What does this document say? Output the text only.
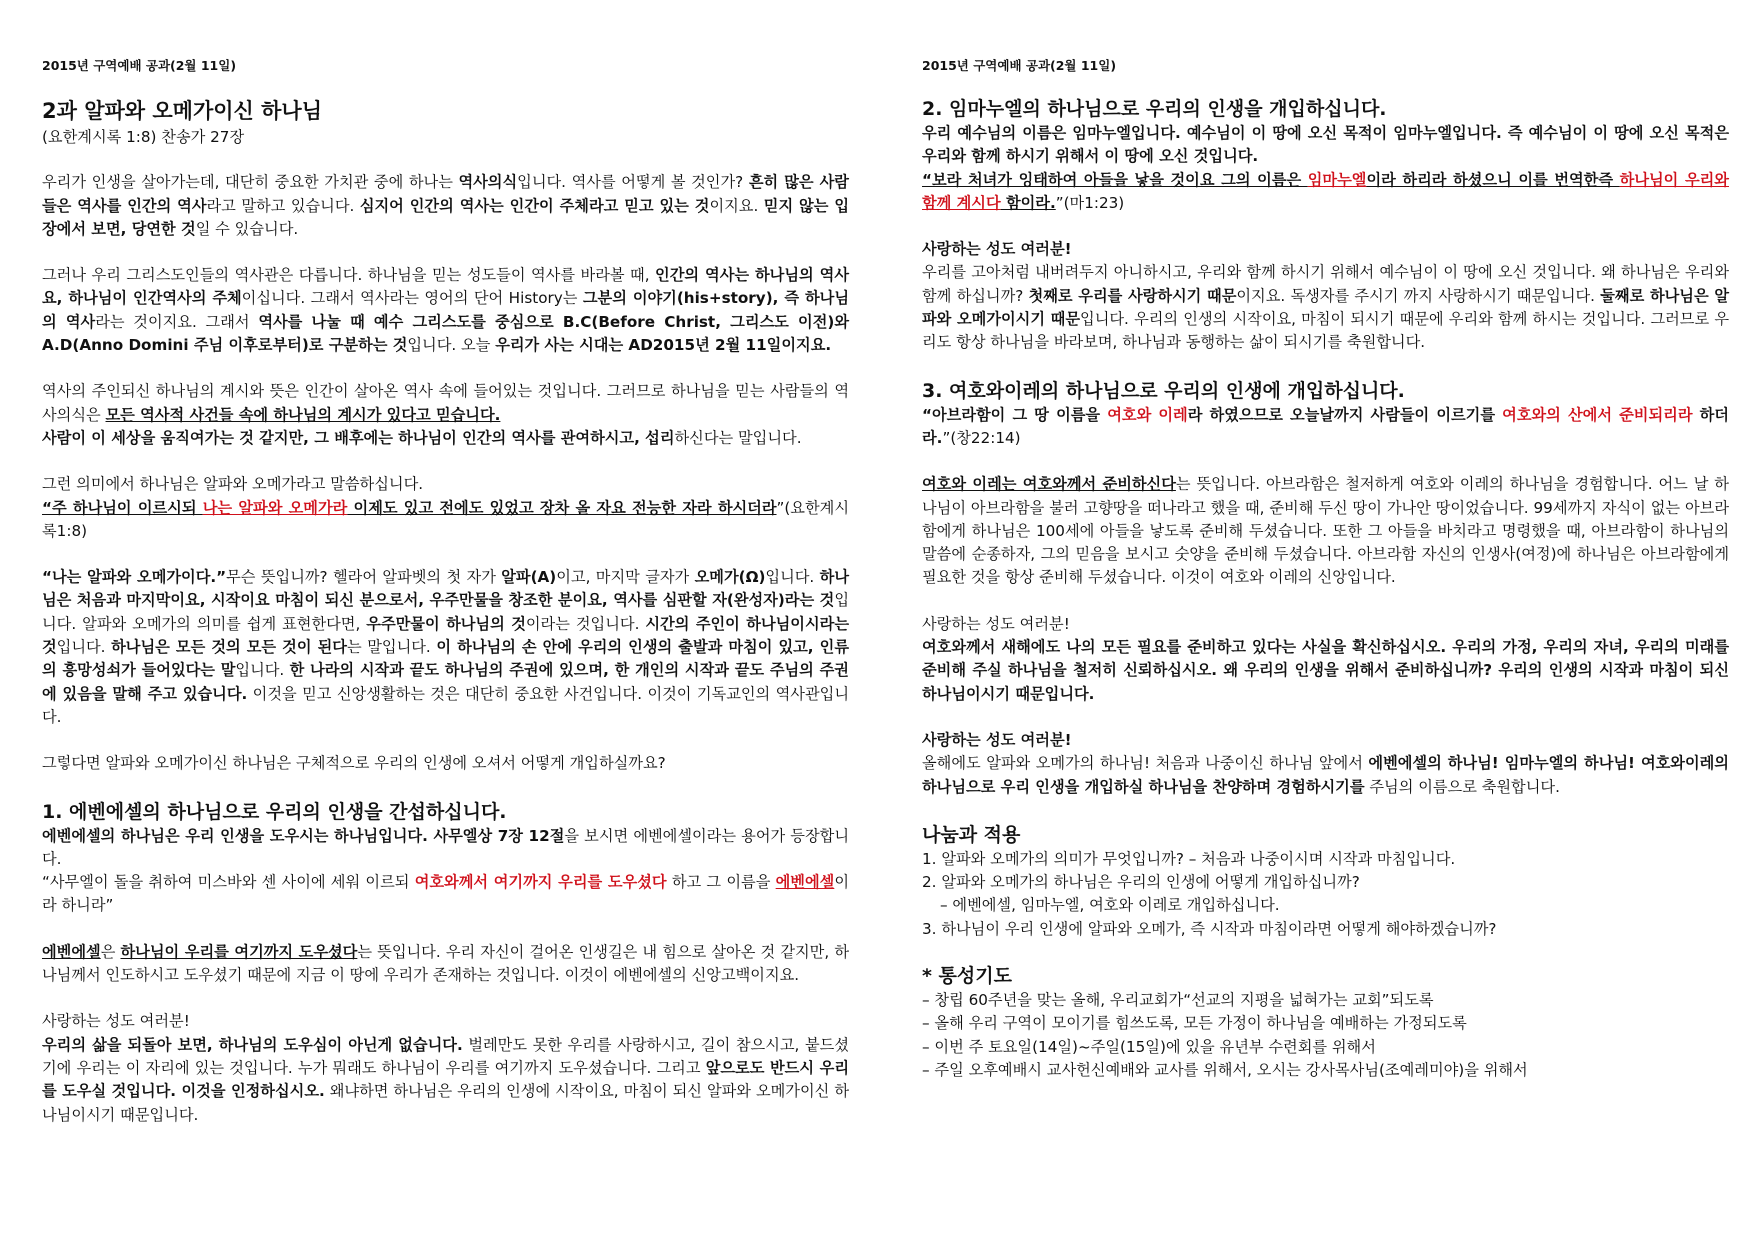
2015년 구역예배 공과(2월 11일)
2과 알파와 오메가이신 하나님
(요한계시록 1:8) 찬송가 27장

우리가 인생을 살아가는데, 대단히 중요한 가치관 중에 하나는 역사의식입니다. 역사를 어떻게 볼 것인가? 흔히 많은 사람들은 역사를 인간의 역사라고 말하고 있습니다. 심지어 인간의 역사는 인간이 주체라고 믿고 있는 것이지요. 믿지 않는 입장에서 보면, 당연한 것일 수 있습니다.

그러나 우리 그리스도인들의 역사관은 다릅니다. 하나님을 믿는 성도들이 역사를 바라볼 때, 인간의 역사는 하나님의 역사요, 하나님이 인간역사의 주체이십니다. 그래서 역사라는 영어의 단어 History는 그분의 이야기(his+story), 즉 하나님의 역사라는 것이지요. 그래서 역사를 나눌 때 예수 그리스도를 중심으로 B.C(Before Christ, 그리스도 이전)와 A.D(Anno Domini 주님 이후로부터)로 구분하는 것입니다. 오늘 우리가 사는 시대는 AD2015년 2월 11일이지요.

역사의 주인되신 하나님의 계시와 뜻은 인간이 살아온 역사 속에 들어있는 것입니다. 그러므로 하나님을 믿는 사람들의 역사의식은 모든 역사적 사건들 속에 하나님의 계시가 있다고 믿습니다.
사람이 이 세상을 움직여가는 것 같지만, 그 배후에는 하나님이 인간의 역사를 관여하시고, 섭리하신다는 말입니다.

그런 의미에서 하나님은 알파와 오메가라고 말씀하십니다.
“주 하나님이 이르시되 나는 알파와 오메가라 이제도 있고 전에도 있었고 장차 올 자요 전능한 자라 하시더라”(요한계시록1:8)

“나는 알파와 오메가이다.”무슨 뜻입니까? 헬라어 알파벳의 첫 자가 알파(Α)이고, 마지막 글자가 오메가(Ω)입니다. 하나님은 처음과 마지막이요, 시작이요 마침이 되신 분으로서, 우주만물을 창조한 분이요, 역사를 심판할 자(완성자)라는 것입니다. 알파와 오메가의 의미를 쉽게 표현한다면, 우주만물이 하나님의 것이라는 것입니다. 시간의 주인이 하나님이시라는 것입니다. 하나님은 모든 것의 모든 것이 된다는 말입니다. 이 하나님의 손 안에 우리의 인생의 출발과 마침이 있고, 인류의 흥망성쇠가 들어있다는 말입니다. 한 나라의 시작과 끝도 하나님의 주권에 있으며, 한 개인의 시작과 끝도 주님의 주권에 있음을 말해 주고 있습니다. 이것을 믿고 신앙생활하는 것은 대단히 중요한 사건입니다. 이것이 기독교인의 역사관입니다.

그렇다면 알파와 오메가이신 하나님은 구체적으로 우리의 인생에 오셔서 어떻게 개입하실까요?

1. 에벤에셀의 하나님으로 우리의 인생을 간섭하십니다.

에벤에셀의 하나님은 우리 인생을 도우시는 하나님입니다. 사무엘상 7장 12절을 보시면 에벤에셀이라는 용어가 등장합니다.

“사무엘이 돌을 취하여 미스바와 센 사이에 세워 이르되 여호와께서 여기까지 우리를 도우셨다 하고 그 이름을 에벤에셀이라 하니라”

에벤에셀은 하나님이 우리를 여기까지 도우셨다는 뜻입니다. 우리 자신이 걸어온 인생길은 내 힘으로 살아온 것 같지만, 하나님께서 인도하시고 도우셨기 때문에 지금 이 땅에 우리가 존재하는 것입니다. 이것이 에벤에셀의 신앙고백이지요.

사랑하는 성도 여러분!

우리의 삶을 되돌아 보면, 하나님의 도우심이 아닌게 없습니다. 벌레만도 못한 우리를 사랑하시고, 길이 참으시고, 붙드셨기에 우리는 이 자리에 있는 것입니다. 누가 뭐래도 하나님이 우리를 여기까지 도우셨습니다. 그리고 앞으로도 반드시 우리를 도우실 것입니다. 이것을 인정하십시오. 왜냐하면 하나님은 우리의 인생에 시작이요, 마침이 되신 알파와 오메가이신 하나님이시기 때문입니다.

2015년 구역예배 공과(2월 11일)
2. 임마누엘의 하나님으로 우리의 인생을 개입하십니다.

우리 예수님의 이름은 임마누엘입니다. 예수님이 이 땅에 오신 목적이 임마누엘입니다. 즉 예수님이 이 땅에 오신 목적은 우리와 함께 하시기 위해서 이 땅에 오신 것입니다.

“보라 처녀가 잉태하여 아들을 낳을 것이요 그의 이름은 임마누엘이라 하리라 하셨으니 이를 번역한즉 하나님이 우리와 함께 계시다 함이라.”(마1:23)

사랑하는 성도 여러분!

우리를 고아처럼 내버려두지 아니하시고, 우리와 함께 하시기 위해서 예수님이 이 땅에 오신 것입니다. 왜 하나님은 우리와 함께 하십니까? 첫째로 우리를 사랑하시기 때문이지요. 독생자를 주시기 까지 사랑하시기 때문입니다. 둘째로 하나님은 알파와 오메가이시기 때문입니다. 우리의 인생의 시작이요, 마침이 되시기 때문에 우리와 함께 하시는 것입니다. 그러므로 우리도 항상 하나님을 바라보며, 하나님과 동행하는 삶이 되시기를 축원합니다.

3. 여호와이레의 하나님으로 우리의 인생에 개입하십니다.

“아브라함이 그 땅 이름을 여호와 이레라 하였으므로 오늘날까지 사람들이 이르기를 여호와의 산에서 준비되리라 하더라.”(창22:14)

여호와 이레는 여호와께서 준비하신다는 뜻입니다. 아브라함은 철저하게 여호와 이레의 하나님을 경험합니다. 어느 날 하나님이 아브라함을 불러 고향땅을 떠나라고 했을 때, 준비해 두신 땅이 가나안 땅이었습니다. 99세까지 자식이 없는 아브라함에게 하나님은 100세에 아들을 낳도록 준비해 두셨습니다. 또한 그 아들을 바치라고 명령했을 때, 아브라함이 하나님의 말씀에 순종하자, 그의 믿음을 보시고 숫양을 준비해 두셨습니다. 아브라함 자신의 인생사(여정)에 하나님은 아브라함에게 필요한 것을 항상 준비해 두셨습니다. 이것이 여호와 이레의 신앙입니다.

사랑하는 성도 여러분!

여호와께서 새해에도 나의 모든 필요를 준비하고 있다는 사실을 확신하십시오. 우리의 가정, 우리의 자녀, 우리의 미래를 준비해 주실 하나님을 철저히 신뢰하십시오. 왜 우리의 인생을 위해서 준비하십니까? 우리의 인생의 시작과 마침이 되신 하나님이시기 때문입니다.

사랑하는 성도 여러분!

올해에도 알파와 오메가의 하나님! 처음과 나중이신 하나님 앞에서 에벤에셀의 하나님! 임마누엘의 하나님! 여호와이레의 하나님으로 우리 인생을 개입하실 하나님을 찬양하며 경험하시기를 주님의 이름으로 축원합니다.

나눔과 적용
1. 알파와 오메가의 의미가 무엇입니까? – 처음과 나중이시며 시작과 마침입니다.
2. 알파와 오메가의 하나님은 우리의 인생에 어떻게 개입하십니까?
– 에벤에셀, 임마누엘, 여호와 이레로 개입하십니다.
3. 하나님이 우리 인생에 알파와 오메가, 즉 시작과 마침이라면 어떻게 해야하겠습니까?
* 통성기도
– 창립 60주년을 맞는 올해, 우리교회가“선교의 지평을 넓혀가는 교회”되도록
– 올해 우리 구역이 모이기를 힘쓰도록, 모든 가정이 하나님을 예배하는 가정되도록
– 이번 주 토요일(14일)~주일(15일)에 있을 유년부 수련회를 위해서
– 주일 오후예배시 교사헌신예배와 교사를 위해서, 오시는 강사목사님(조예레미야)을 위해서
